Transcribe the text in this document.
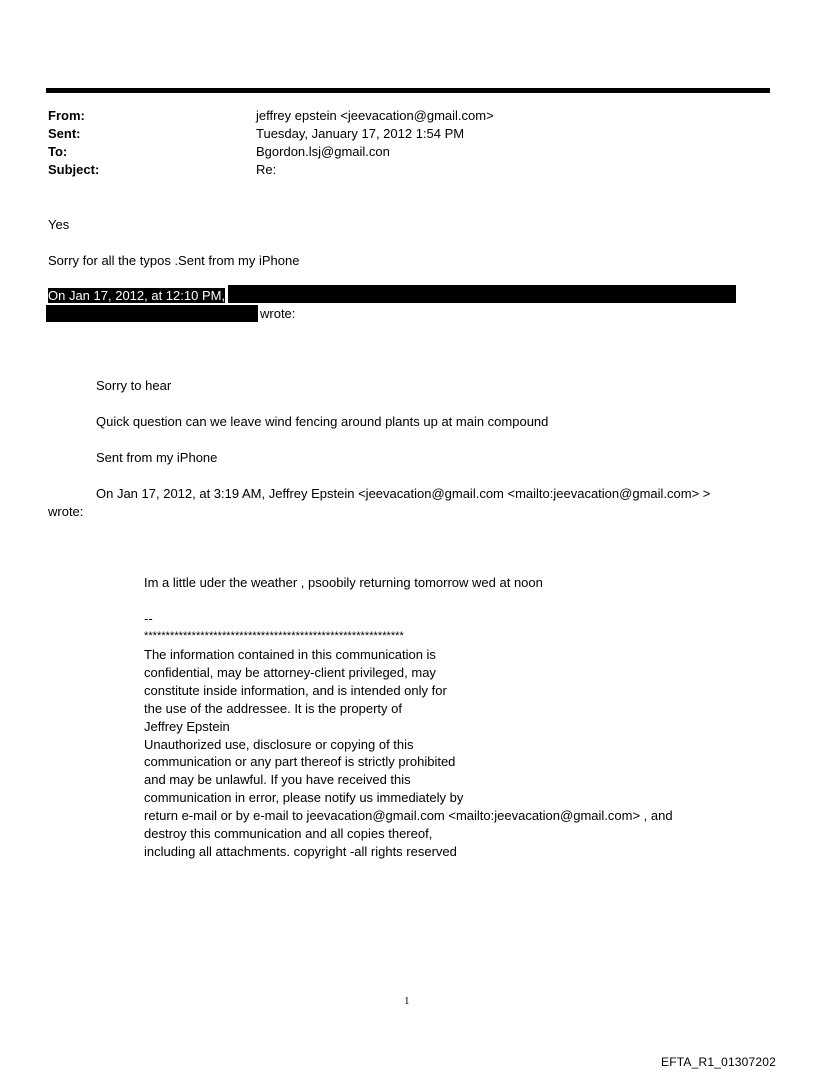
From:	jeffrey epstein <jeevacation@gmail.com>
Sent:	Tuesday, January 17, 2012 1:54 PM
To:	Bgordon.lsj@gmail.con
Subject:	Re:
Yes
Sorry for all the typos .Sent from my iPhone
On Jan 17, 2012, at 12:10 PM,
wrote:
Sorry to hear
Quick question can we leave wind fencing around plants up at main compound
Sent from my iPhone
On Jan 17, 2012, at 3:19 AM, Jeffrey Epstein <jeevacation@gmail.com <mailto:jeevacation@gmail.com> >
wrote:
Im a little uder the weather , psoobily returning tomorrow wed at noon
--
************************************************************
The information contained in this communication is
confidential, may be attorney-client privileged, may
constitute inside information, and is intended only for
the use of the addressee. It is the property of
Jeffrey Epstein
Unauthorized use, disclosure or copying of this
communication or any part thereof is strictly prohibited
and may be unlawful. If you have received this
communication in error, please notify us immediately by
return e-mail or by e-mail to jeevacation@gmail.com <mailto:jeevacation@gmail.com> , and
destroy this communication and all copies thereof,
including all attachments. copyright -all rights reserved
1
EFTA_R1_01307202
